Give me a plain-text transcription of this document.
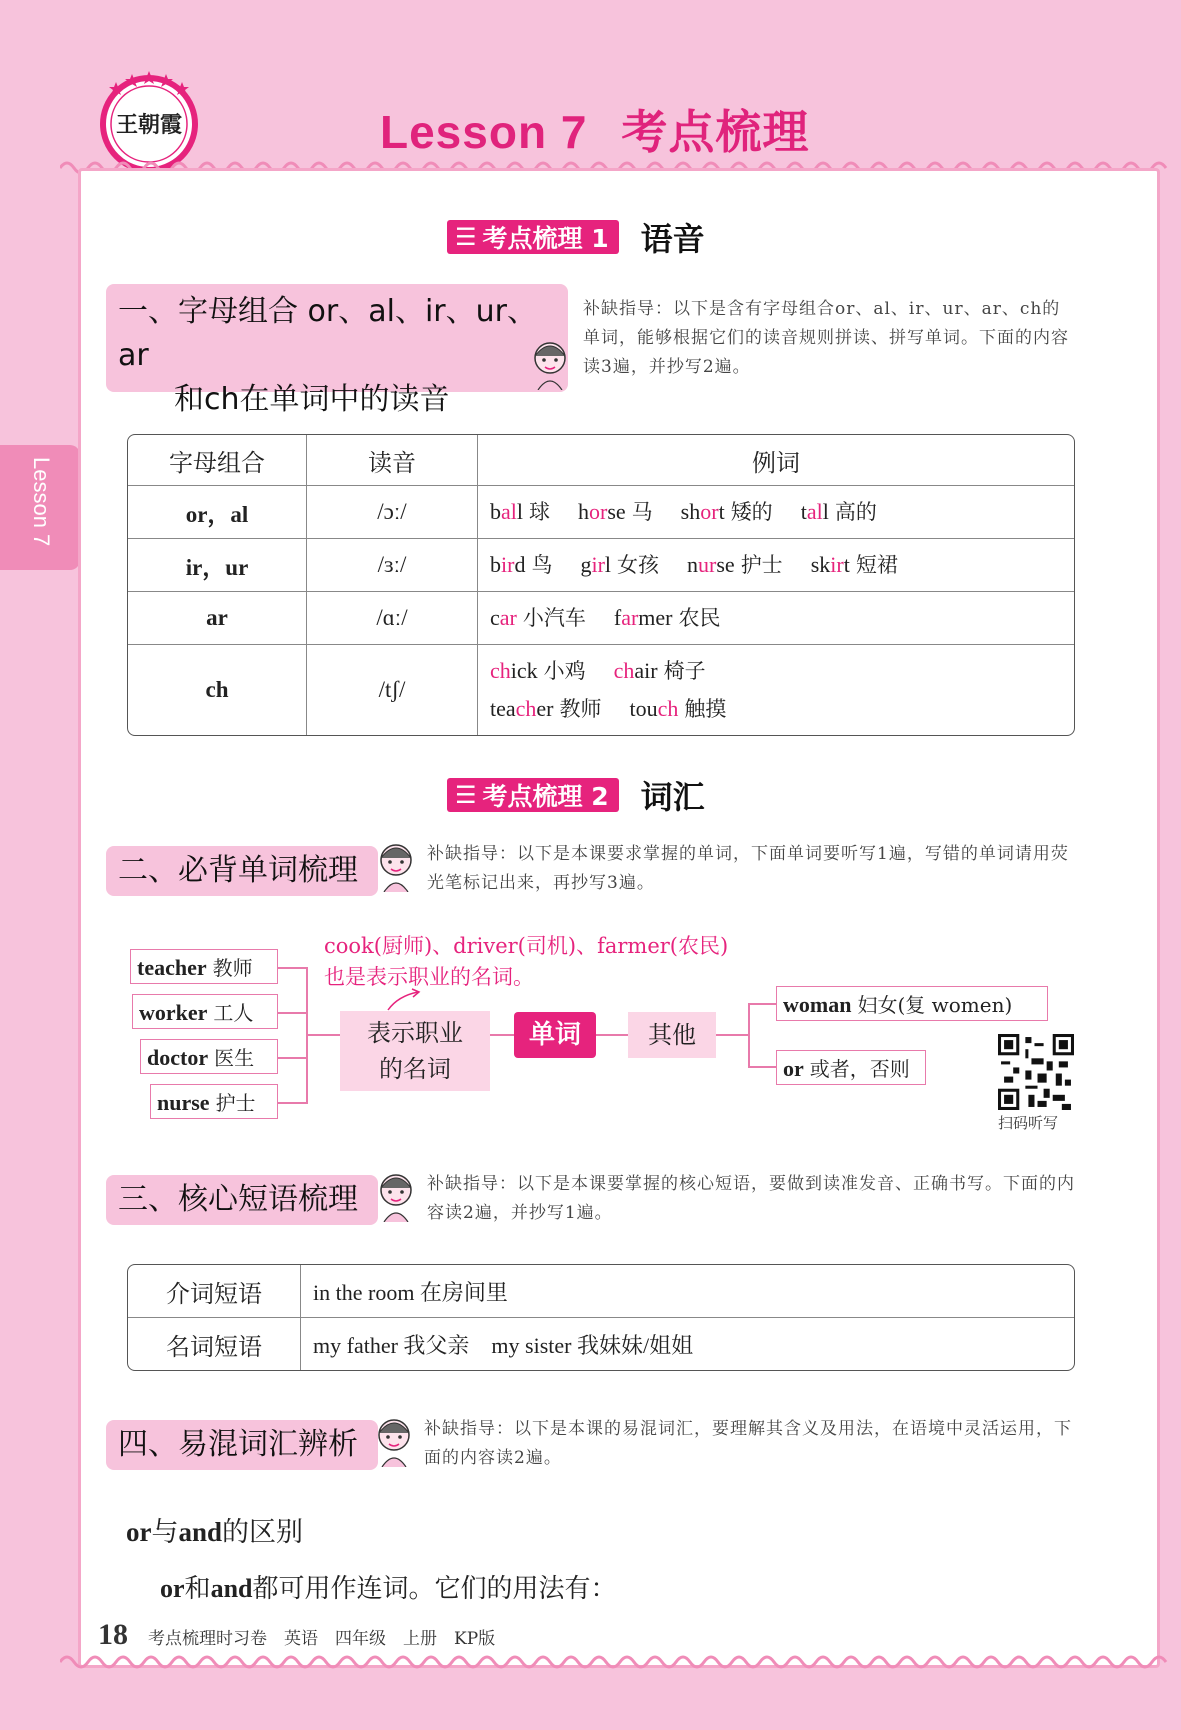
王朝霞	Lesson 7 考点梳理
Lesson 7
☰ 考点梳理 1 语音
一、字母组合 or、al、ir、ur、ar
和ch在单词中的读音
补缺指导：以下是含有字母组合or、al、ir、ur、ar、ch的单词，能够根据它们的读音规则拼读、拼写单词。下面的内容读3遍，并抄写2遍。
字母组合	读音	例词
or，al	/ɔː/	ball 球 horse 马 short 矮的 tall 高的
ir，ur	/ɜː/	bird 鸟 girl 女孩 nurse 护士 skirt 短裙
ar	/ɑː/	car 小汽车 farmer 农民
ch	/tʃ/	chick 小鸡 chair 椅子
teacher 教师 touch 触摸
☰ 考点梳理 2 词汇
二、必背单词梳理	补缺指导：以下是本课要求掌握的单词，下面单词要听写1遍，写错的单词请用荧光笔标记出来，再抄写3遍。
teacher 教师
worker 工人
doctor 医生
nurse 护士
cook(厨师)、driver(司机)、farmer(农民)
也是表示职业的名词。
表示职业的名词
单词	其他
woman 妇女(复 women)
or 或者，否则
扫码听写
三、核心短语梳理	补缺指导：以下是本课要掌握的核心短语，要做到读准发音、正确书写。下面的内容读2遍，并抄写1遍。
介词短语	in the room 在房间里
名词短语	my father 我父亲　my sister 我妹妹/姐姐
四、易混词汇辨析	补缺指导：以下是本课的易混词汇，要理解其含义及用法，在语境中灵活运用，下面的内容读2遍。
or与and的区别
or和and都可用作连词。它们的用法有：
18 考点梳理时习卷　英语　四年级　上册　KP版
